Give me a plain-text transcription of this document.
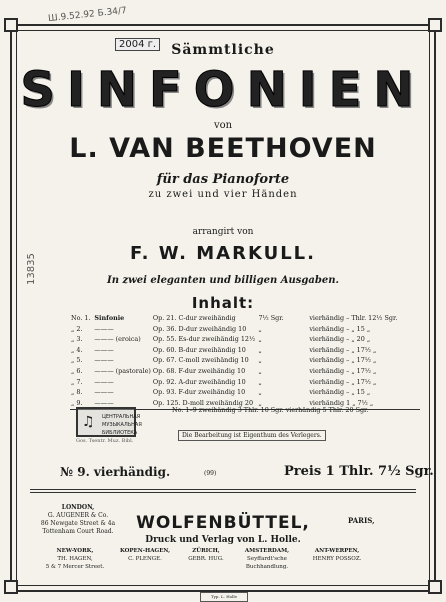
Ш.9.52.92 Б.34/7
2004 г.
13835
Sämmtliche
SINFONIEN
von
L. VAN BEETHOVEN
für das Pianoforte
zu zwei und vier Händen
arrangirt von
F. W. MARKULL.
In zwei eleganten und billigen Ausgaben.
Inhalt:
No. 1.	Sinfonie	Op. 21. C-dur zweihändig	7½ Sgr.	vierhändig – Thlr. 12½ Sgr.
„ 2.	———	Op. 36. D-dur zweihändig 10	„	vierhändig – „ 15 „
„ 3.	——— (eroica)	Op. 55. Es-dur zweihändig 12½	„	vierhändig – „ 20 „
„ 4.	———	Op. 60. B-dur zweihändig 10	„	vierhändig – „ 17½ „
„ 5.	———	Op. 67. C-moll zweihändig 10	„	vierhändig – „ 17½ „
„ 6.	——— (pastorale)	Op. 68. F-dur zweihändig 10	„	vierhändig – „ 17½ „
„ 7.	———	Op. 92. A-dur zweihändig 10	„	vierhändig – „ 17½ „
„ 8.	———	Op. 93. F-dur zweihändig 10	„	vierhändig – „ 15 „
„ 9.	———	Op. 125. D-moll zweihändig 20	„	vierhändig 1 „ 7½ „
No. 1–9 zweihändig 3 Thlr. 10 Sgr. vierhändig 5 Thlr. 20 Sgr.
♫ ЦЕНТРАЛЬНАЯ
МУЗЫКАЛЬНАЯ
БИБЛИОТЕКА
Gos. Tsentr. Muz. Bibl.
Die Bearbeitung ist Eigenthum des Verlegers.
№ 9. vierhändig.	(99)	Preis 1 Thlr. 7½ Sgr.
LONDON,
G. AUGENER & Co.
86 Newgate Street & 4a
Tottenham Court Road.	WOLFENBÜTTEL,
Druck und Verlag von L. Holle.
PARIS,
NEW-YORK,
TH. HAGEN,
5 & 7 Mercer Street.
KOPEN-HAGEN,
C. PLENGE.
ZÜRICH,
GEBR. HUG.
AMSTERDAM,
Seyffardt'sche
Buchhandlung.
ANT-WERPEN,
HENRY POSSOZ.
Typ. L. Holle
